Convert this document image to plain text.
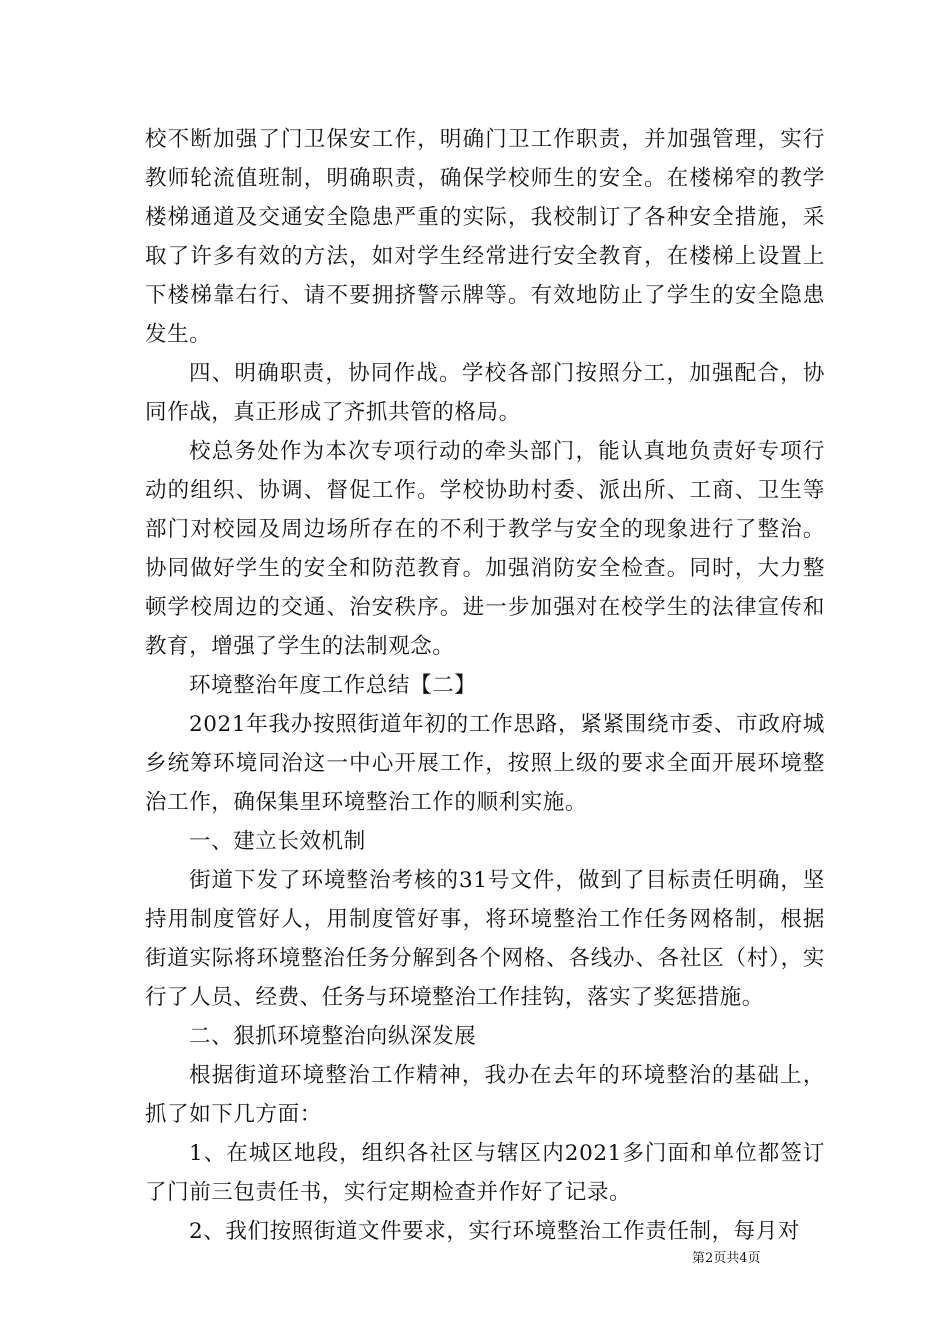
校不断加强了门卫保安工作，明确门卫工作职责，并加强管理，实行教师轮流值班制，明确职责，确保学校师生的安全。在楼梯窄的教学楼梯通道及交通安全隐患严重的实际，我校制订了各种安全措施，采取了许多有效的方法，如对学生经常进行安全教育，在楼梯上设置上下楼梯靠右行、请不要拥挤警示牌等。有效地防止了学生的安全隐患发生。

四、明确职责，协同作战。学校各部门按照分工，加强配合，协同作战，真正形成了齐抓共管的格局。

校总务处作为本次专项行动的牵头部门，能认真地负责好专项行动的组织、协调、督促工作。学校协助村委、派出所、工商、卫生等部门对校园及周边场所存在的不利于教学与安全的现象进行了整治。协同做好学生的安全和防范教育。加强消防安全检查。同时，大力整顿学校周边的交通、治安秩序。进一步加强对在校学生的法律宣传和教育，增强了学生的法制观念。

环境整治年度工作总结【二】

2021年我办按照街道年初的工作思路，紧紧围绕市委、市政府城乡统筹环境同治这一中心开展工作，按照上级的要求全面开展环境整治工作，确保集里环境整治工作的顺利实施。

一、建立长效机制

街道下发了环境整治考核的31号文件，做到了目标责任明确，坚持用制度管好人，用制度管好事，将环境整治工作任务网格制，根据街道实际将环境整治任务分解到各个网格、各线办、各社区（村），实行了人员、经费、任务与环境整治工作挂钩，落实了奖惩措施。

二、狠抓环境整治向纵深发展

根据街道环境整治工作精神，我办在去年的环境整治的基础上，抓了如下几方面：

1、在城区地段，组织各社区与辖区内2021多门面和单位都签订了门前三包责任书，实行定期检查并作好了记录。

2、我们按照街道文件要求，实行环境整治工作责任制，每月对

第2页共4页
